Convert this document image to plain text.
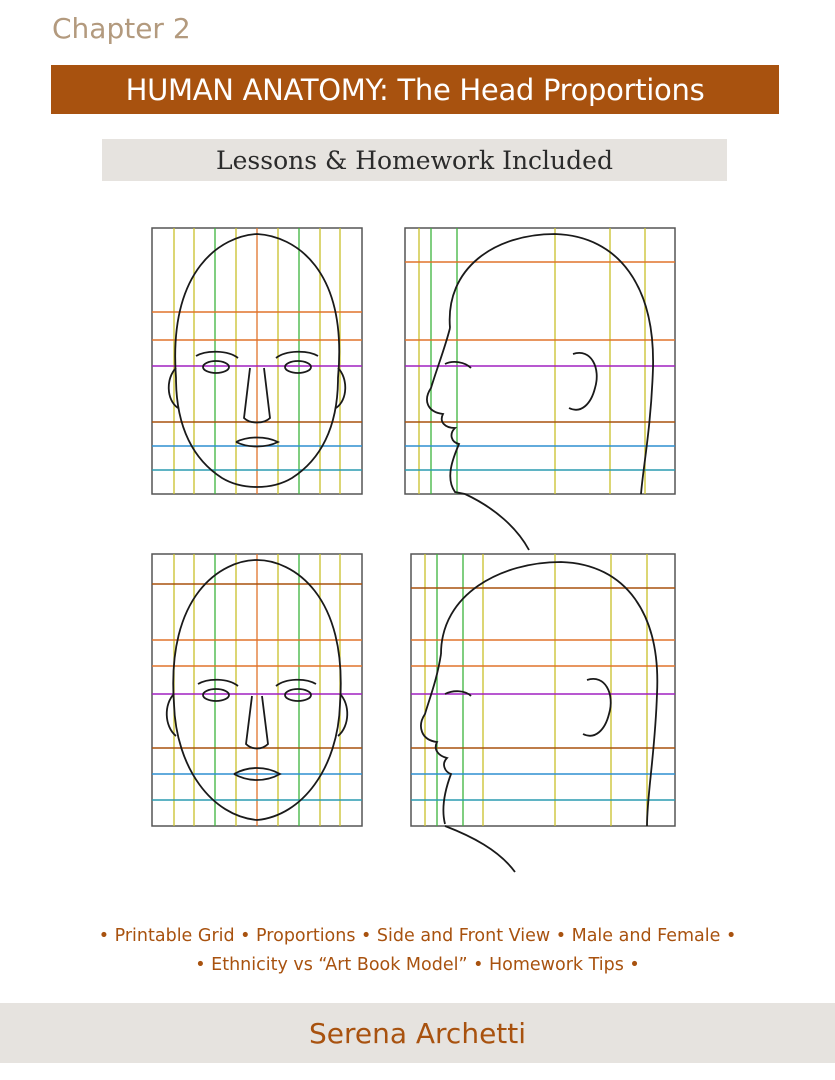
Chapter 2
HUMAN ANATOMY: The Head Proportions
Lessons & Homework Included
• Printable Grid • Proportions • Side and Front View • Male and Female •
• Ethnicity vs “Art Book Model” • Homework Tips •
Serena Archetti
